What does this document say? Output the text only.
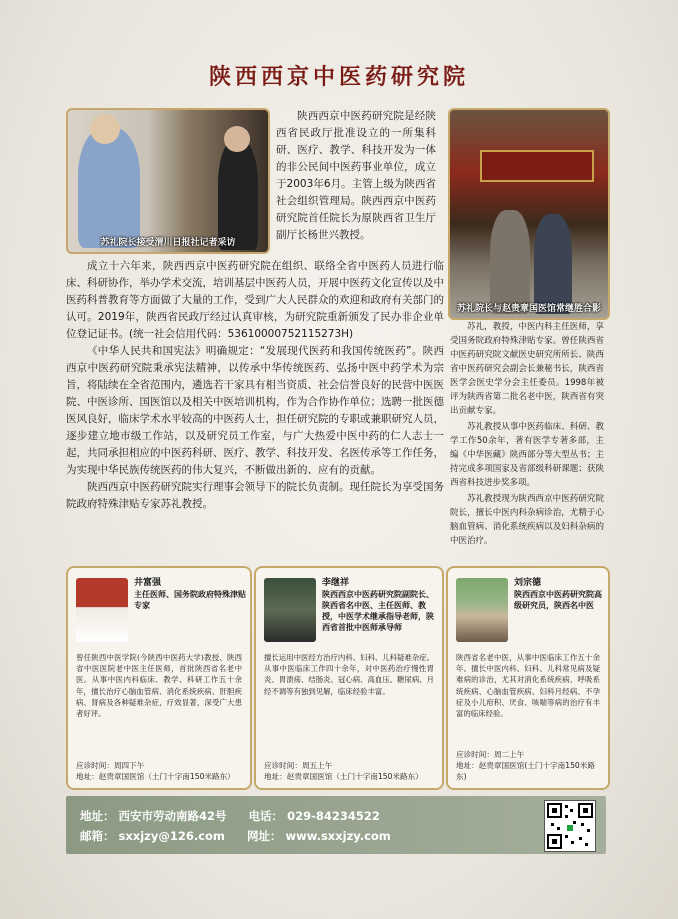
陕西西京中医药研究院
苏礼院长接受渭川日报社记者采访
苏礼院长与赵贵章国医馆常继胜合影
陕西西京中医药研究院是经陕西省民政厅批准设立的一所集科研、医疗、教学、科技开发为一体的非公民间中医药事业单位，成立于2003年6月。主管上级为陕西省社会组织管理局。陕西西京中医药研究院首任院长为原陕西省卫生厅副厅长杨世兴教授。

成立十六年来，陕西西京中医药研究院在组织、联络全省中医药人员进行临床、科研协作，举办学术交流，培训基层中医药人员，开展中医药文化宣传以及中医药科普教育等方面做了大量的工作，受到广大人民群众的欢迎和政府有关部门的认可。2019年，陕西省民政厅经过认真审核，为研究院重新颁发了民办非企业单位登记证书。(统一社会信用代码：53610000752115273H)

《中华人民共和国宪法》明确规定：“发展现代医药和我国传统医药”。陕西西京中医药研究院秉承宪法精神，以传承中华传统医药、弘扬中医中药学术为宗旨，将陆续在全省范围内，遴选若干家具有相当资质、社会信誉良好的民营中医医院、中医诊所、国医馆以及相关中医培训机构，作为合作协作单位；选聘一批医德医风良好，临床学术水平较高的中医药人士，担任研究院的专职或兼职研究人员，逐步建立地市级工作站，以及研究员工作室，与广大热爱中医中药的仁人志士一起，共同承担相应的中医药科研、医疗、教学、科技开发、名医传承等工作任务，为实现中华民族传统医药的伟大复兴，不断做出新的、应有的贡献。

陕西西京中医药研究院实行理事会领导下的院长负责制。现任院长为享受国务院政府特殊津贴专家苏礼教授。

苏礼，教授，中医内科主任医师，享受国务院政府特殊津贴专家。曾任陕西省中医药研究院文献医史研究所所长、陕西省中医药研究会副会长兼秘书长，陕西省医学会医史学分会主任委员。1998年被评为陕西省第二批名老中医，陕西省有突出贡献专家。

苏礼教授从事中医药临床、科研、教学工作50余年，著有医学专著多部，主编《中华医藏》陕西部分等大型丛书；主持完成多项国家及省部级科研课题；获陕西省科技进步奖多项。

苏礼教授现为陕西西京中医药研究院院长，擅长中医内科杂病诊治，尤精于心脑血管病、消化系统疾病以及妇科杂病的中医治疗。

井富强
主任医师、国务院政府特殊津贴专家
曾任陕西中医学院(今陕西中医药大学)教授、陕西省中医医院老中医主任医师，首批陕西省名老中医。从事中医内科临床、教学、科研工作五十余年，擅长治疗心脑血管病、消化系统疾病、肝胆疾病、肾病及各种疑难杂症，疗效显著，深受广大患者好评。
应诊时间：周四下午
地址：赵贵章国医馆（土门十字南150米路东）
李继祥
陕西西京中医药研究院副院长、陕西省名中医、主任医师、教授，中医学术继承指导老师，陕西省首批中医师承导师
擅长运用中医经方治疗内科、妇科、儿科疑难杂症。从事中医临床工作四十余年，对中医药治疗慢性胃炎、胃溃疡、结肠炎、冠心病、高血压、糖尿病、月经不调等有独到见解，临床经验丰富。
应诊时间：周五上午
地址：赵贵章国医馆（土门十字南150米路东）
刘宗德
陕西西京中医药研究院高级研究员，陕西名中医
陕西省名老中医，从事中医临床工作五十余年。擅长中医内科、妇科、儿科常见病及疑难病的诊治，尤其对消化系统疾病、呼吸系统疾病、心脑血管疾病、妇科月经病、不孕症及小儿疳积、厌食、咳喘等病的治疗有丰富的临床经验。
应诊时间：周二上午
地址：赵贵章国医馆(土门十字南150米路东)
地址： 西安市劳动南路42号 电话： 029-84234522
邮箱： sxxjzy@126.com 网址： www.sxxjzy.com
